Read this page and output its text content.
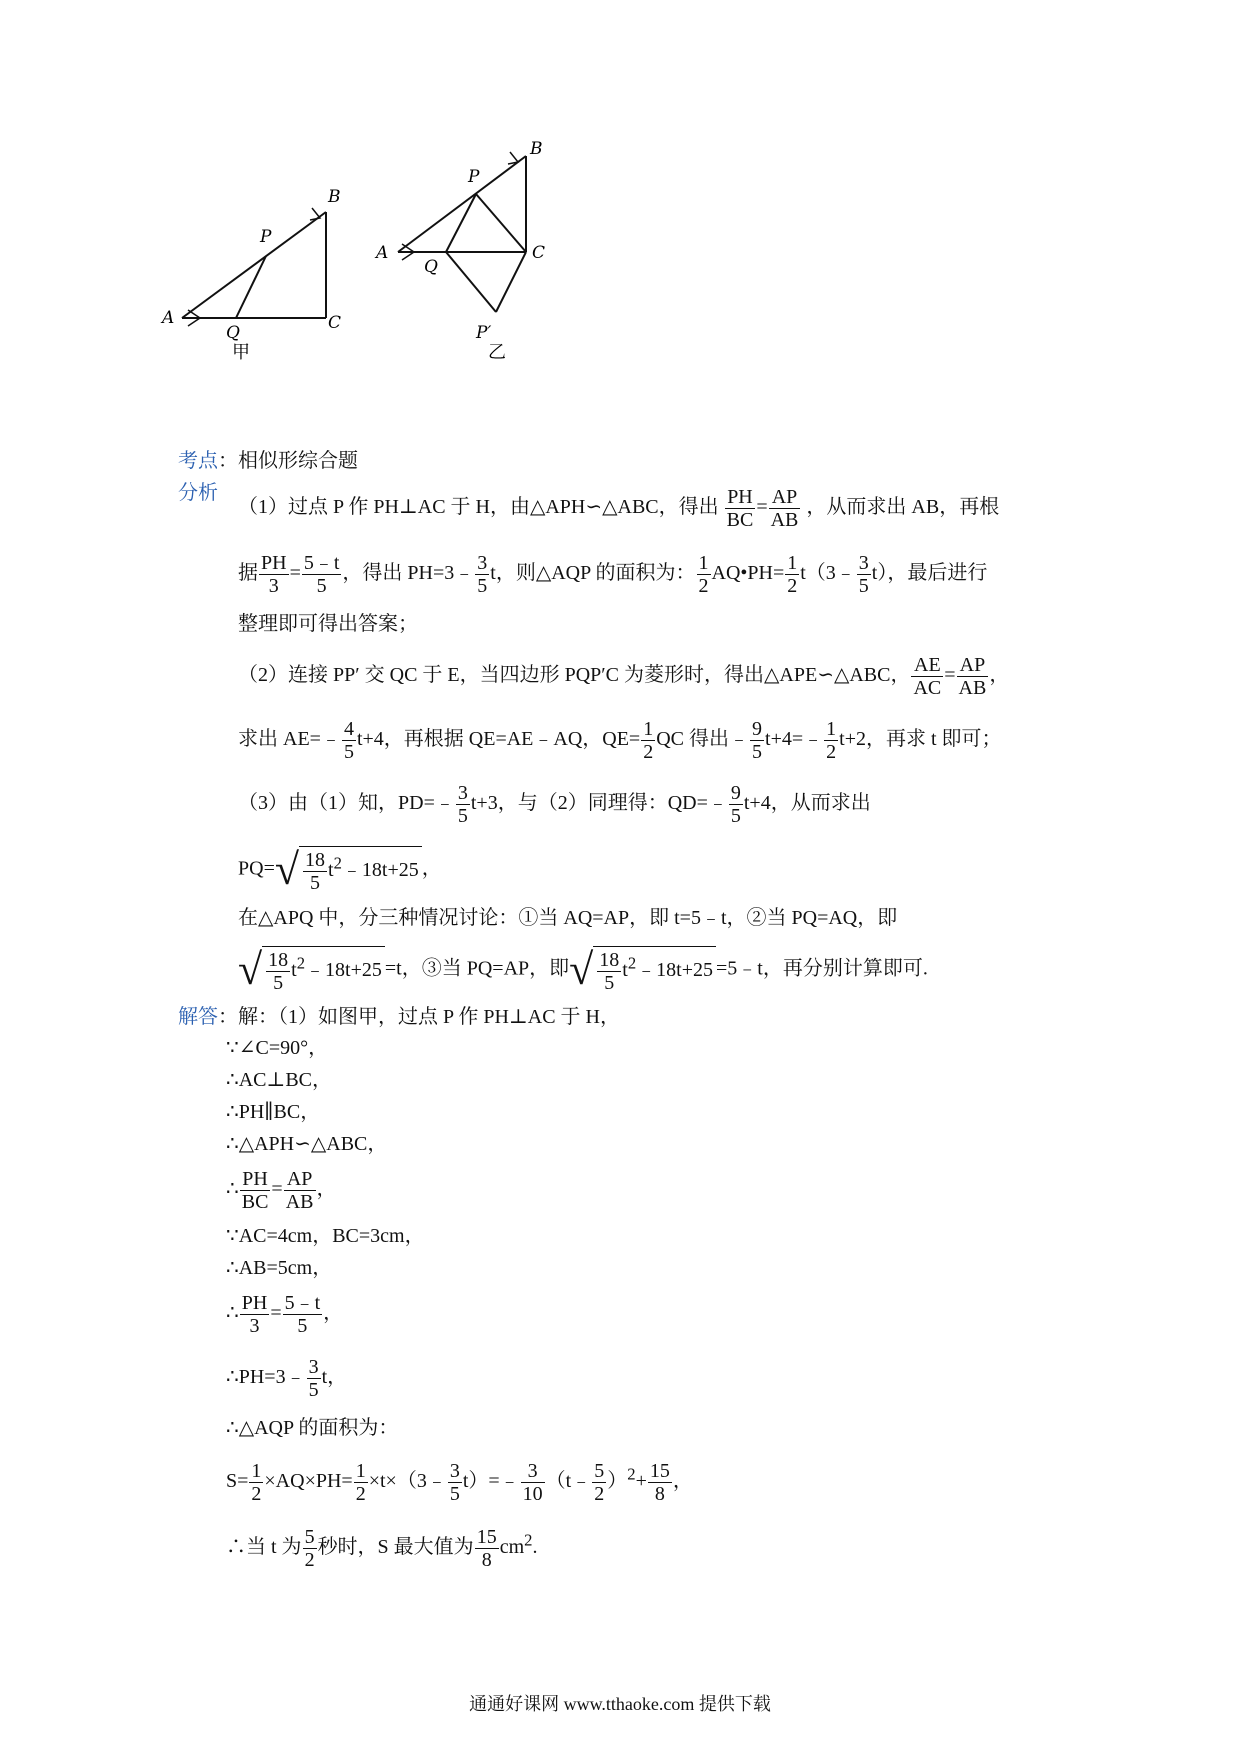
A
B
C
P
Q
甲
A
B
C
P
Q
P′
乙
考点：相似形综合题
分析
（1）过点 P 作 PH⊥AC 于 H，由△APH∽△ABC，得出 $\frac{PH}{BC} = \frac{AP}{AB}$ ，从而求出 AB，再根
据 $\frac{PH}{3} = \frac{5﹣t}{5}$ ，得出 PH=3﹣ $\frac{3}{5}$ t，则△AQP 的面积为： $\frac{1}{2}$ AQ•PH= $\frac{1}{2}$ t（3﹣ $\frac{3}{5} t$），最后进行
整理即可得出答案；
（2）连接 PP′ 交 QC 于 E，当四边形 PQP′C 为菱形时，得出△APE∽△ABC， $\frac{AE}{AC} = \frac{AP}{AB}$ ，
求出 AE=﹣ $\frac{4}{5} t+4$，再根据 QE=AE﹣AQ，$QE= \frac{1}{2}$ QC 得出﹣ $\frac{9}{5}$ t+4=﹣ $\frac{1}{2} t+2$，再求 t 即可；
（3）由（1）知，PD=﹣ $\frac{3}{5} t+3$，与（2）同理得：QD=﹣ $\frac{9}{5} t+4$，从而求出
$PQ=√ \frac{18}{5}$ $t^2﹣18t+25$ ，
在△APQ 中，分三种情况讨论：①当 AQ=AP，即 t=5﹣t，②当 PQ=AQ，即
√ $\frac{18}{5}$ $t^2﹣18t+25 =t$，③当 PQ=AP，即√ $\frac{18}{5}$ $t^2﹣18t+25$ =5﹣t，再分别计算即可.
解答：解：（1）如图甲，过点 P 作 PH⊥AC 于 H，
∵∠C=90°，
∴AC⊥BC，
∴PH∥BC，
∴△APH∽△ABC，
∴ $\frac{PH}{BC} = \frac{AP}{AB}$ ，
∵AC=4cm，BC=3cm，
∴AB=5cm，
∴ $\frac{PH}{3} = \frac{5﹣t}{5}$ ，
∴PH=3﹣ $\frac{3}{5}$ t，
∴△AQP 的面积为：
$S= \frac{1}{2} \times AQ\times PH= \frac{1}{2}$ ×t×（3﹣ $\frac{3}{5}$ t）=﹣ $\frac{3}{10}$ （t﹣ $\frac{5}{2} )^2+ \frac{15}{8}$ ，
∴当 t 为 $\frac{5}{2}$ 秒时，S 最大值为 $\frac{15}{8} cm^2$.
通通好课网 www.tthaoke.com 提供下载
